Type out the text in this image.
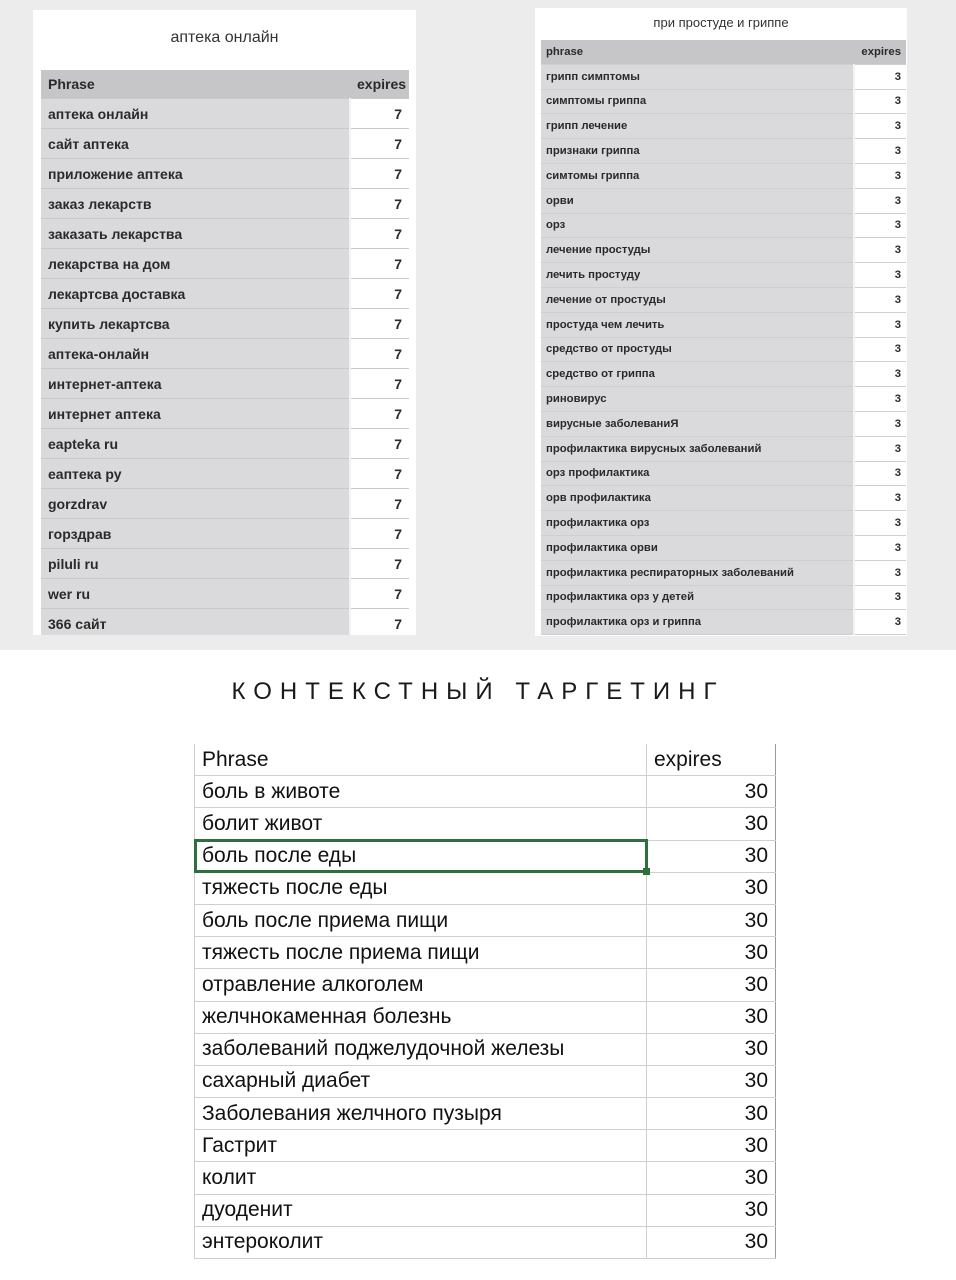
аптека онлайн
Phrase	expires
аптека онлайн	7
сайт аптека	7
приложение аптека	7
заказ лекарств	7
заказать лекарства	7
лекарства на дом	7
лекартсва доставка	7
купить лекартсва	7
аптека-онлайн	7
интернет-аптека	7
интернет аптека	7
eapteka ru	7
еаптека ру	7
gorzdrav	7
горздрав	7
piluli ru	7
wer ru	7
366 сайт	7
при простуде и гриппе
phrase	expires
грипп симптомы	3
симптомы гриппа	3
грипп лечение	3
признаки гриппа	3
симтомы гриппа	3
орви	3
орз	3
лечение простуды	3
лечить простуду	3
лечение от простуды	3
простуда чем лечить	3
средство от простуды	3
средство от гриппа	3
риновирус	3
вирусные заболеваниЯ	3
профилактика вирусных заболеваний	3
орз профилактика	3
орв профилактика	3
профилактика орз	3
профилактика орви	3
профилактика респираторных заболеваний	3
профилактика орз у детей	3
профилактика орз и гриппа	3
КОНТЕКСТНЫЙ ТАРГЕТИНГ
Phrase	expires
боль в животе	30
болит живот	30
боль после еды	30
тяжесть после еды	30
боль после приема пищи	30
тяжесть после приема пищи	30
отравление алкоголем	30
желчнокаменная болезнь	30
заболеваний поджелудочной железы	30
сахарный диабет	30
Заболевания желчного пузыря	30
Гастрит	30
колит	30
дуоденит	30
энтероколит	30
